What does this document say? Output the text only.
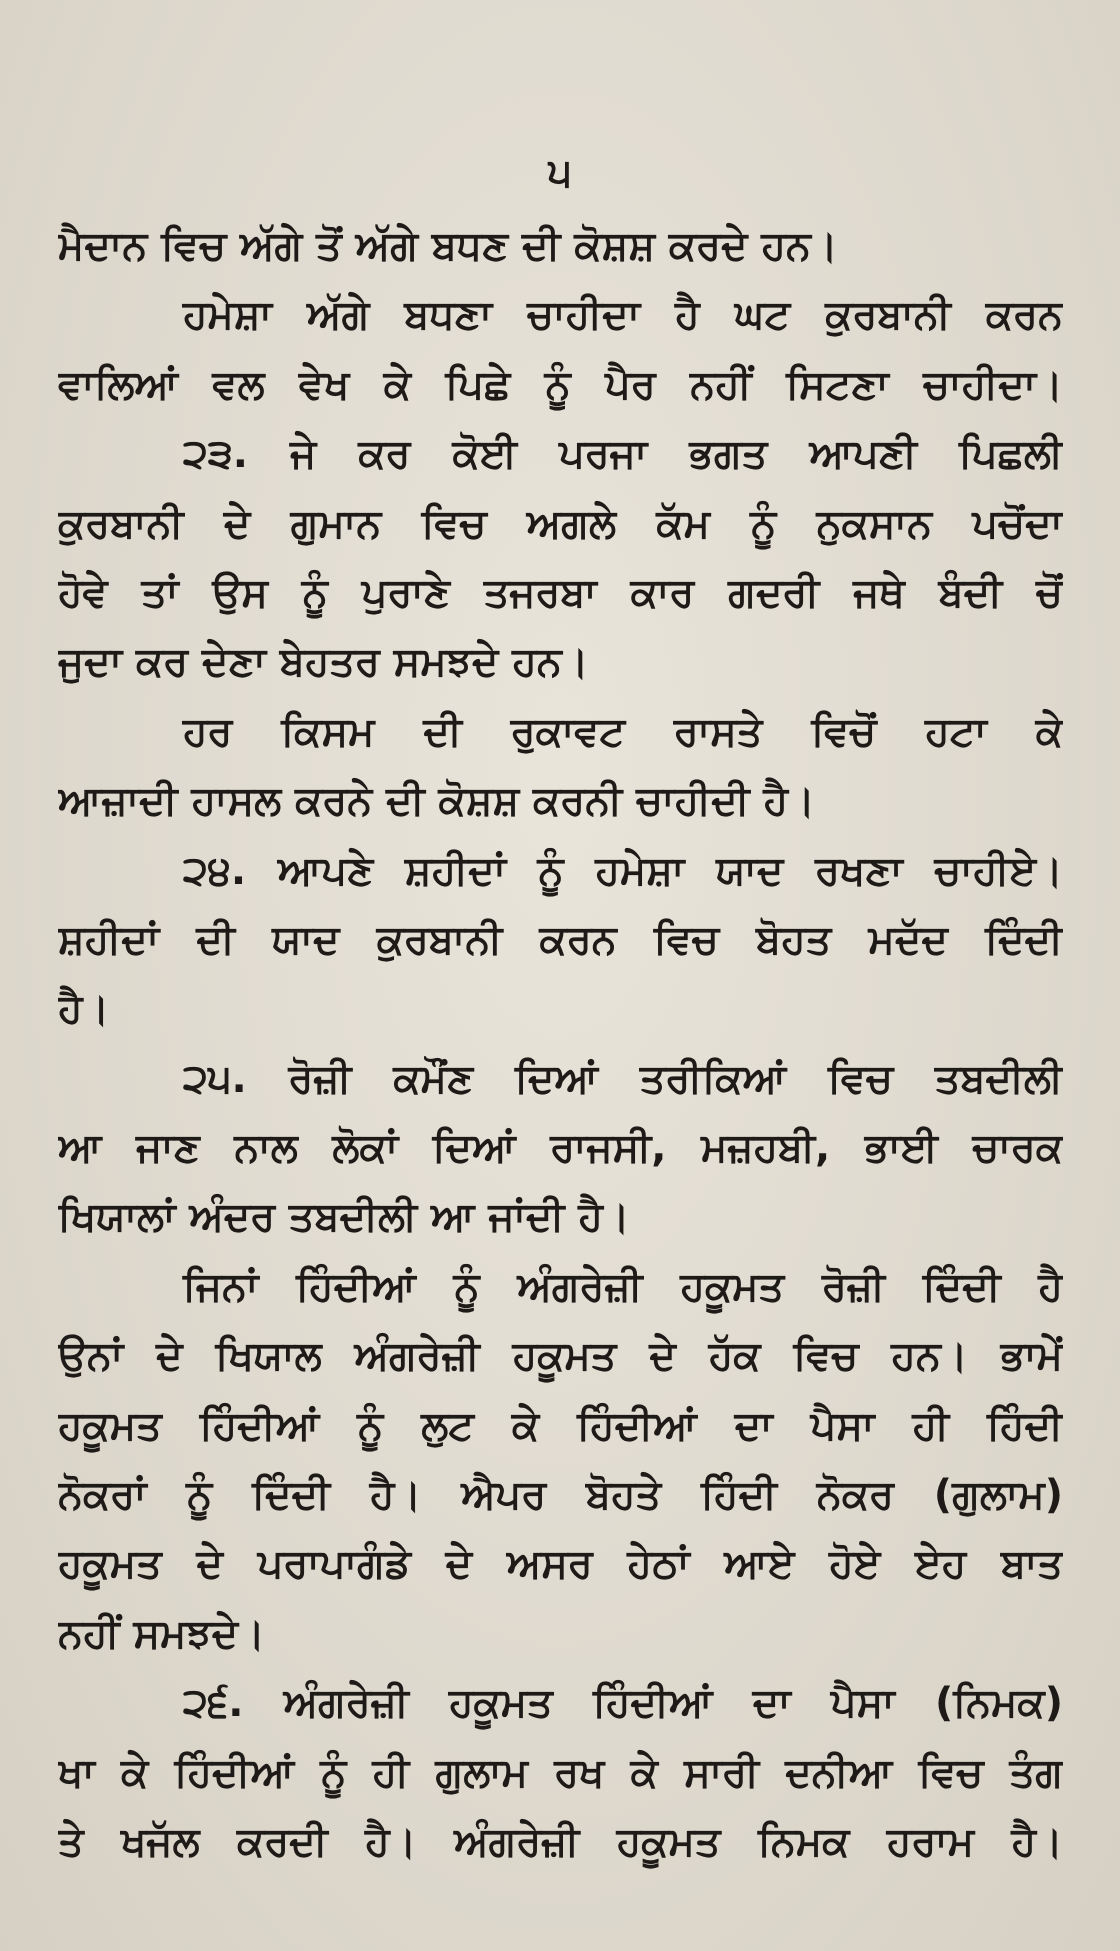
੫
ਮੈਦਾਨ ਵਿਚ ਅੱਗੇ ਤੋਂ ਅੱਗੇ ਬਧਣ ਦੀ ਕੋਸ਼ਸ਼ ਕਰਦੇ ਹਨ।
ਹਮੇਸ਼ਾ ਅੱਗੇ ਬਧਣਾ ਚਾਹੀਦਾ ਹੈ ਘਟ ਕੁਰਬਾਨੀ ਕਰਨ
ਵਾਲਿਆਂ ਵਲ ਵੇਖ ਕੇ ਪਿਛੇ ਨੂੰ ਪੈਰ ਨਹੀਂ ਸਿਟਣਾ ਚਾਹੀਦਾ।
੨੩. ਜੇ ਕਰ ਕੋਈ ਪਰਜਾ ਭਗਤ ਆਪਣੀ ਪਿਛਲੀ
ਕੁਰਬਾਨੀ ਦੇ ਗੁਮਾਨ ਵਿਚ ਅਗਲੇ ਕੱਮ ਨੂੰ ਨੁਕਸਾਨ ਪਚੋਂਦਾ
ਹੋਵੇ ਤਾਂ ਉਸ ਨੂੰ ਪੁਰਾਣੇ ਤਜਰਬਾ ਕਾਰ ਗਦਰੀ ਜਥੇ ਬੰਦੀ ਚੋਂ
ਜੁਦਾ ਕਰ ਦੇਣਾ ਬੇਹਤਰ ਸਮਝਦੇ ਹਨ।
ਹਰ ਕਿਸਮ ਦੀ ਰੁਕਾਵਟ ਰਾਸਤੇ ਵਿਚੋਂ ਹਟਾ ਕੇ
ਆਜ਼ਾਦੀ ਹਾਸਲ ਕਰਨੇ ਦੀ ਕੋਸ਼ਸ਼ ਕਰਨੀ ਚਾਹੀਦੀ ਹੈ।
੨੪. ਆਪਣੇ ਸ਼ਹੀਦਾਂ ਨੂੰ ਹਮੇਸ਼ਾ ਯਾਦ ਰਖਣਾ ਚਾਹੀਏ।
ਸ਼ਹੀਦਾਂ ਦੀ ਯਾਦ ਕੁਰਬਾਨੀ ਕਰਨ ਵਿਚ ਬੋਹਤ ਮਦੱਦ ਦਿੰਦੀ
ਹੈ।
੨੫. ਰੋਜ਼ੀ ਕਮੌਂਣ ਦਿਆਂ ਤਰੀਕਿਆਂ ਵਿਚ ਤਬਦੀਲੀ
ਆ ਜਾਣ ਨਾਲ ਲੋਕਾਂ ਦਿਆਂ ਰਾਜਸੀ, ਮਜ਼ਹਬੀ, ਭਾਈ ਚਾਰਕ
ਖਿਯਾਲਾਂ ਅੰਦਰ ਤਬਦੀਲੀ ਆ ਜਾਂਦੀ ਹੈ।
ਜਿਨਾਂ ਹਿੰਦੀਆਂ ਨੂੰ ਅੰਗਰੇਜ਼ੀ ਹਕੂਮਤ ਰੋਜ਼ੀ ਦਿੰਦੀ ਹੈ
ਉਨਾਂ ਦੇ ਖਿਯਾਲ ਅੰਗਰੇਜ਼ੀ ਹਕੂਮਤ ਦੇ ਹੱਕ ਵਿਚ ਹਨ। ਭਾਮੇਂ
ਹਕੂਮਤ ਹਿੰਦੀਆਂ ਨੂੰ ਲੁਟ ਕੇ ਹਿੰਦੀਆਂ ਦਾ ਪੈਸਾ ਹੀ ਹਿੰਦੀ
ਨੋਕਰਾਂ ਨੂੰ ਦਿੰਦੀ ਹੈ। ਐਪਰ ਬੋਹਤੇ ਹਿੰਦੀ ਨੋਕਰ (ਗੁਲਾਮ)
ਹਕੂਮਤ ਦੇ ਪਰਾਪਾਗੰਡੇ ਦੇ ਅਸਰ ਹੇਠਾਂ ਆਏ ਹੋਏ ਏਹ ਬਾਤ
ਨਹੀਂ ਸਮਝਦੇ।
੨੬. ਅੰਗਰੇਜ਼ੀ ਹਕੂਮਤ ਹਿੰਦੀਆਂ ਦਾ ਪੈਸਾ (ਨਿਮਕ)
ਖਾ ਕੇ ਹਿੰਦੀਆਂ ਨੂੰ ਹੀ ਗੁਲਾਮ ਰਖ ਕੇ ਸਾਰੀ ਦਨੀਆ ਵਿਚ ਤੰਗ
ਤੇ ਖਜੱਲ ਕਰਦੀ ਹੈ। ਅੰਗਰੇਜ਼ੀ ਹਕੂਮਤ ਨਿਮਕ ਹਰਾਮ ਹੈ।
